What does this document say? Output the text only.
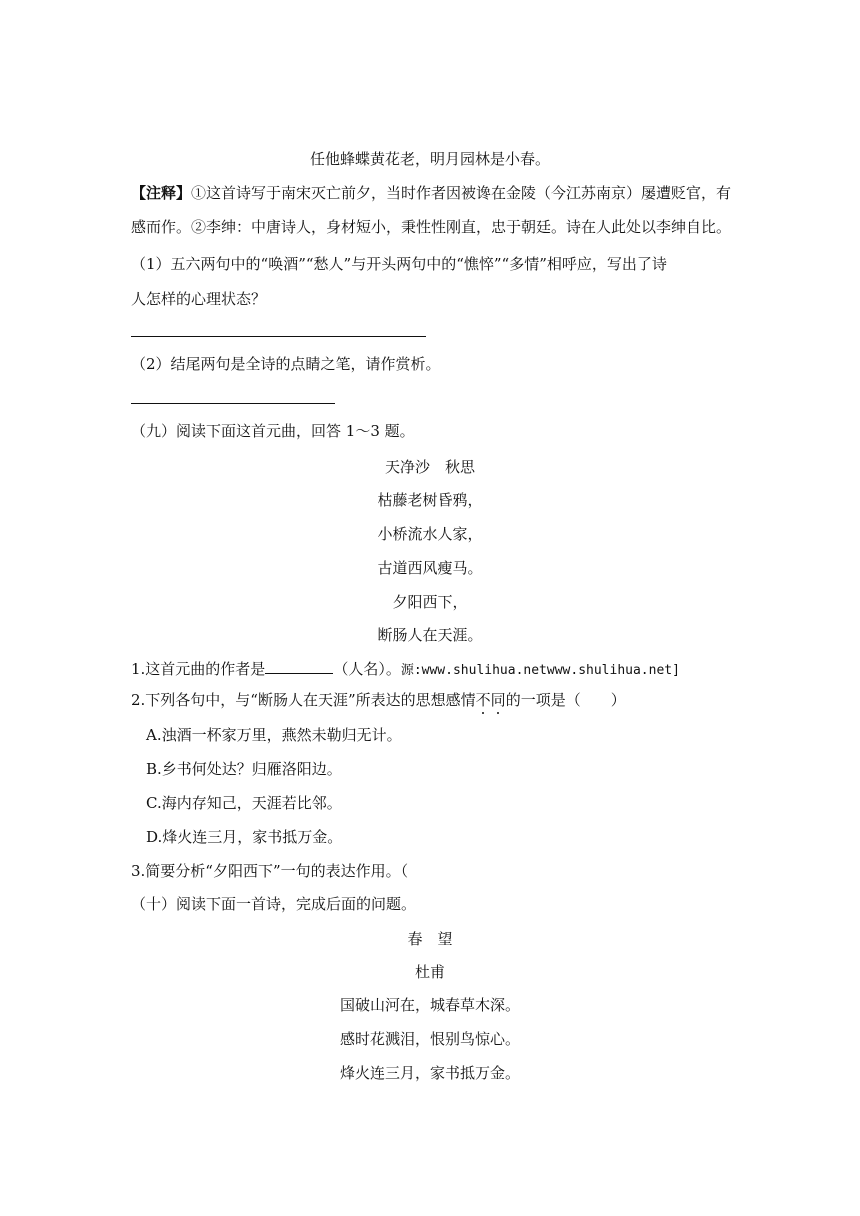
任他蜂蝶黄花老，明月园林是小春。
【注释】①这首诗写于南宋灭亡前夕，当时作者因被谗在金陵（今江苏南京）屡遭贬官，有
感而作。②李绅：中唐诗人，身材短小，秉性性刚直，忠于朝廷。诗在人此处以李绅自比。
（1）五六两句中的“唤酒”“愁人”与开头两句中的“憔悴”“多情”相呼应，写出了诗
人怎样的心理状态？
（2）结尾两句是全诗的点睛之笔，请作赏析。
（九）阅读下面这首元曲，回答 1～3 题。
天净沙　秋思
枯藤老树昏鸦，
小桥流水人家，
古道西风瘦马。
夕阳西下，
断肠人在天涯。
1.这首元曲的作者是	（人名）。源:www.shulihua.netwww.shulihua.net]
2.下列各句中，与“断肠人在天涯”所表达的思想感情不同的一项是（　　）
A.浊酒一杯家万里，燕然未勒归无计。
B.乡书何处达？归雁洛阳边。
C.海内存知己，天涯若比邻。
D.烽火连三月，家书抵万金。
3.简要分析“夕阳西下”一句的表达作用。（
（十）阅读下面一首诗，完成后面的问题。
春　望
杜甫
国破山河在，城春草木深。
感时花溅泪，恨别鸟惊心。
烽火连三月，家书抵万金。
